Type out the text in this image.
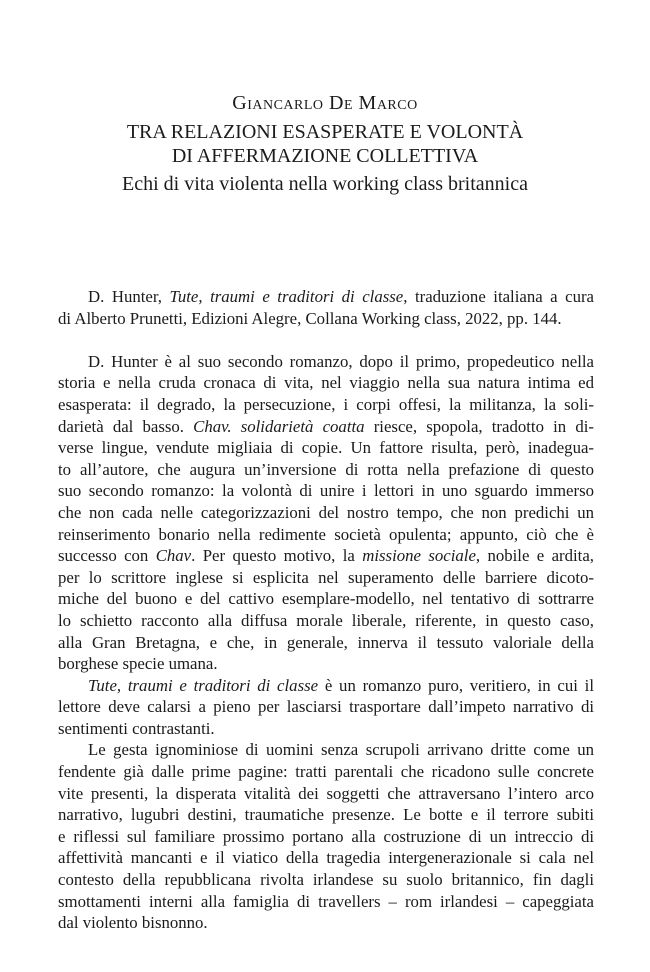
Giancarlo De Marco
TRA RELAZIONI ESASPERATE E VOLONTÀ
DI AFFERMAZIONE COLLETTIVA
Echi di vita violenta nella working class britannica
D. Hunter, Tute, traumi e traditori di classe, traduzione italiana a cura
di Alberto Prunetti, Edizioni Alegre, Collana Working class, 2022, pp. 144.
D. Hunter è al suo secondo romanzo, dopo il primo, propedeutico nella
storia e nella cruda cronaca di vita, nel viaggio nella sua natura intima ed
esasperata: il degrado, la persecuzione, i corpi offesi, la militanza, la soli-
darietà dal basso. Chav. solidarietà coatta riesce, spopola, tradotto in di-
verse lingue, vendute migliaia di copie. Un fattore risulta, però, inadegua-
to all’autore, che augura un’inversione di rotta nella prefazione di questo
suo secondo romanzo: la volontà di unire i lettori in uno sguardo immerso
che non cada nelle categorizzazioni del nostro tempo, che non predichi un
reinserimento bonario nella redimente società opulenta; appunto, ciò che è
successo con Chav. Per questo motivo, la missione sociale, nobile e ardita,
per lo scrittore inglese si esplicita nel superamento delle barriere dicoto-
miche del buono e del cattivo esemplare-modello, nel tentativo di sottrarre
lo schietto racconto alla diffusa morale liberale, riferente, in questo caso,
alla Gran Bretagna, e che, in generale, innerva il tessuto valoriale della
borghese specie umana.
Tute, traumi e traditori di classe è un romanzo puro, veritiero, in cui il
lettore deve calarsi a pieno per lasciarsi trasportare dall’impeto narrativo di
sentimenti contrastanti.
Le gesta ignominiose di uomini senza scrupoli arrivano dritte come un
fendente già dalle prime pagine: tratti parentali che ricadono sulle concrete
vite presenti, la disperata vitalità dei soggetti che attraversano l’intero arco
narrativo, lugubri destini, traumatiche presenze. Le botte e il terrore subiti
e riflessi sul familiare prossimo portano alla costruzione di un intreccio di
affettività mancanti e il viatico della tragedia intergenerazionale si cala nel
contesto della repubblicana rivolta irlandese su suolo britannico, fin dagli
smottamenti interni alla famiglia di travellers – rom irlandesi – capeggiata
dal violento bisnonno.
